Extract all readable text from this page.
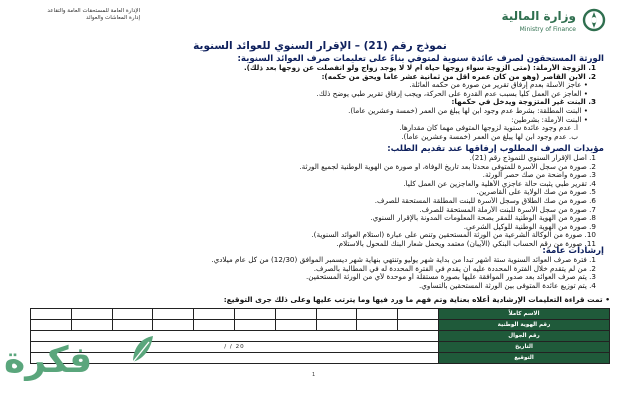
وزارة المالية
Ministry of Finance
الإدارة العامة للمستحقات العامة والتقاعد
إدارة المعاشات والعوائد
نموذج رقم (21) – الإقرار السنوي للعوائد السنوية

الورثة المستحقون لصرف عائدة سنوية لمتوفي بناءً على تعليمات صرف العوائد السنوية:

1. الزوجة الأرملة: (متى الزوجة سواء زوجها حياة أم لا لا يوجد زواج ولو انفصلت عن زوجها بعد ذلك).

2. الابن القاصر (وهو من كان عمره أقل من ثمانية عشر عاماً ويحق من حكمه):

• عاجز الأسلة بعدم إرفاق تقرير من صورة من حكمه العائلة.

• العاجز عن العمل كلياً بسبب عدم القدرة على الحركة، ويجب إرفاق تقرير طبي يوضح ذلك.

3. البنت غير المتزوجة ويدخل في حكمها:

• البنت المطلقة: بشرط عدم وجود ابن لها يبلغ من العمر (خمسة وعشرين عاماً).

• البنت الأرملة: بشرطين:

أ. عدم وجود عائدة سنوية لزوجها المتوفى مهما كان مقدارها.

ب. عدم وجود ابن لها يبلغ من العمر (خمسة وعشرين عاماً).

مؤيدات الصرف المطلوب إرفاقها عند تقديم الطلب:

1. أصل الإقرار السنوي للنموذج رقم (21).

2. صورة من سجل الأسرة للمتوفى محدثاً بعد تاريخ الوفاة، أو صورة من الهوية الوطنية لجميع الورثة.

3. صورة واضحة من صك حصر الورثة.

4. تقرير طبي يثبت حالة عاجزي الأهلية والعاجزين عن العمل كلياً.

5. صورة من صك الولاية على القاصرين.

6. صورة من صك الطلاق وسجل الأسرة للبنت المطلقة المستحقة للصرف.

7. صورة من سجل الأسرة للبنت الأرملة المستحقة للصرف.

8. صورة من الهوية الوطنية للمقر بصحة المعلومات المدونة بالإقرار السنوي.

9. صورة من الهوية الوطنية للوكيل الشرعي.

10. صورة من الوكالة الشرعية من الورثة المستحقين وتنص على عبارة (استلام العوائد السنوية).

11. صورة من رقم الحساب البنكي (الآيبان) معتمد ويحمل شعار البنك للمحول بالاستلام.

إرشادات عامة:

1. فترة صرف العوائد السنوية ستة أشهر تبدأ من بداية شهر يوليو وتنتهي بنهاية شهر ديسمبر الموافق (12/30) من كل عام ميلادي.

2. من لم يتقدم خلال الفترة المحددة عليه أن يقدم في الفترة المحددة له في المطالبة بالصرف.

3. يتم صرف العوائد بعد صدور الموافقة عليها بصورة مستقلة أو موحدة لأي من الورثة المستحقين.

4. يتم توزيع عائدة المتوفى بين الورثة المستحقين بالتساوي.

• تمت قراءة التعليمات الإرشادية أعلاه بعناية وتم فهم ما ورد فيها وما يترتب عليها وعلى ذلك جرى التوقيع:
الاسم كاملاً										
رقم الهوية الوطنية										
رقم الجوال										
التاريخ	20 / /									
التوقيع										
1
فكرة
